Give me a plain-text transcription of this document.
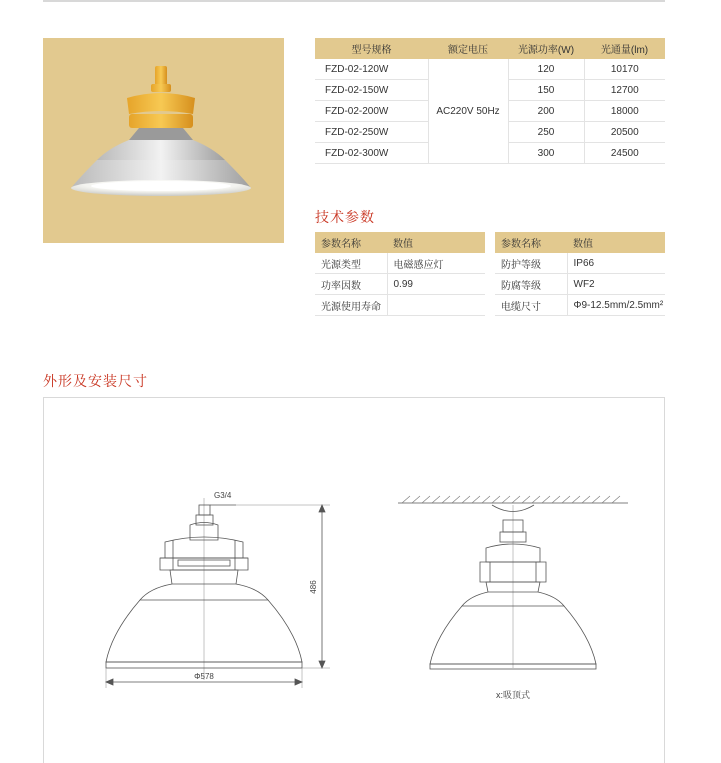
型号规格	额定电压	光源功率(W)	光通量(lm)
FZD-02-120W	AC220V 50Hz	120	10170
FZD-02-150W		150	12700
FZD-02-200W		200	18000
FZD-02-250W		250	20500
FZD-02-300W		300	24500
技术参数
参数名称	数值
光源类型	电磁感应灯
功率因数	0.99
光源使用寿命	
参数名称	数值
防护等级	IP66
防腐等级	WF2
电缆尺寸	Φ9-12.5mm/2.5mm²
外形及安装尺寸
G3/4
Φ578
486
x:吸顶式
